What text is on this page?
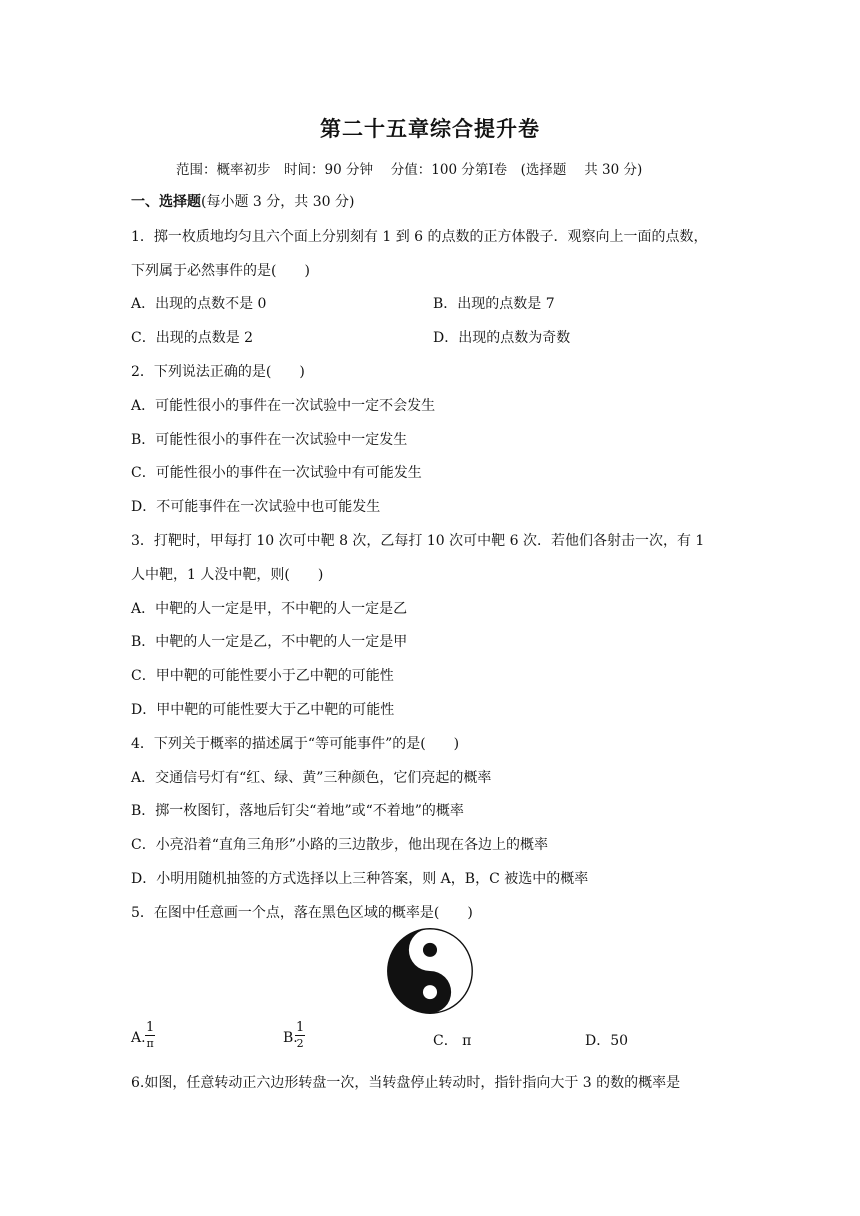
第二十五章综合提升卷
范围：概率初步　时间：90 分钟　 分值：100 分第Ⅰ卷　(选择题　 共 30 分)
一、选择题(每小题 3 分，共 30 分)
1．掷一枚质地均匀且六个面上分别刻有 1 到 6 的点数的正方体骰子．观察向上一面的点数，
下列属于必然事件的是(　　)
A．出现的点数不是 0	B．出现的点数是 7
C．出现的点数是 2	D．出现的点数为奇数
2．下列说法正确的是(　　)
A．可能性很小的事件在一次试验中一定不会发生
B．可能性很小的事件在一次试验中一定发生
C．可能性很小的事件在一次试验中有可能发生
D．不可能事件在一次试验中也可能发生
3．打靶时，甲每打 10 次可中靶 8 次，乙每打 10 次可中靶 6 次．若他们各射击一次，有 1
人中靶，1 人没中靶，则(　　)
A．中靶的人一定是甲，不中靶的人一定是乙
B．中靶的人一定是乙，不中靶的人一定是甲
C．甲中靶的可能性要小于乙中靶的可能性
D．甲中靶的可能性要大于乙中靶的可能性
4．下列关于概率的描述属于“等可能事件”的是(　　)
A．交通信号灯有“红、绿、黄”三种颜色，它们亮起的概率
B．掷一枚图钉，落地后钉尖“着地”或“不着地”的概率
C．小亮沿着“直角三角形”小路的三边散步，他出现在各边上的概率
D．小明用随机抽签的方式选择以上三种答案，则 A，B，C 被选中的概率
5．在图中任意画一个点，落在黑色区域的概率是(　　)
A.
1
π	B.
1
2	C． π	D．50
6.如图，任意转动正六边形转盘一次，当转盘停止转动时，指针指向大于 3 的数的概率是
